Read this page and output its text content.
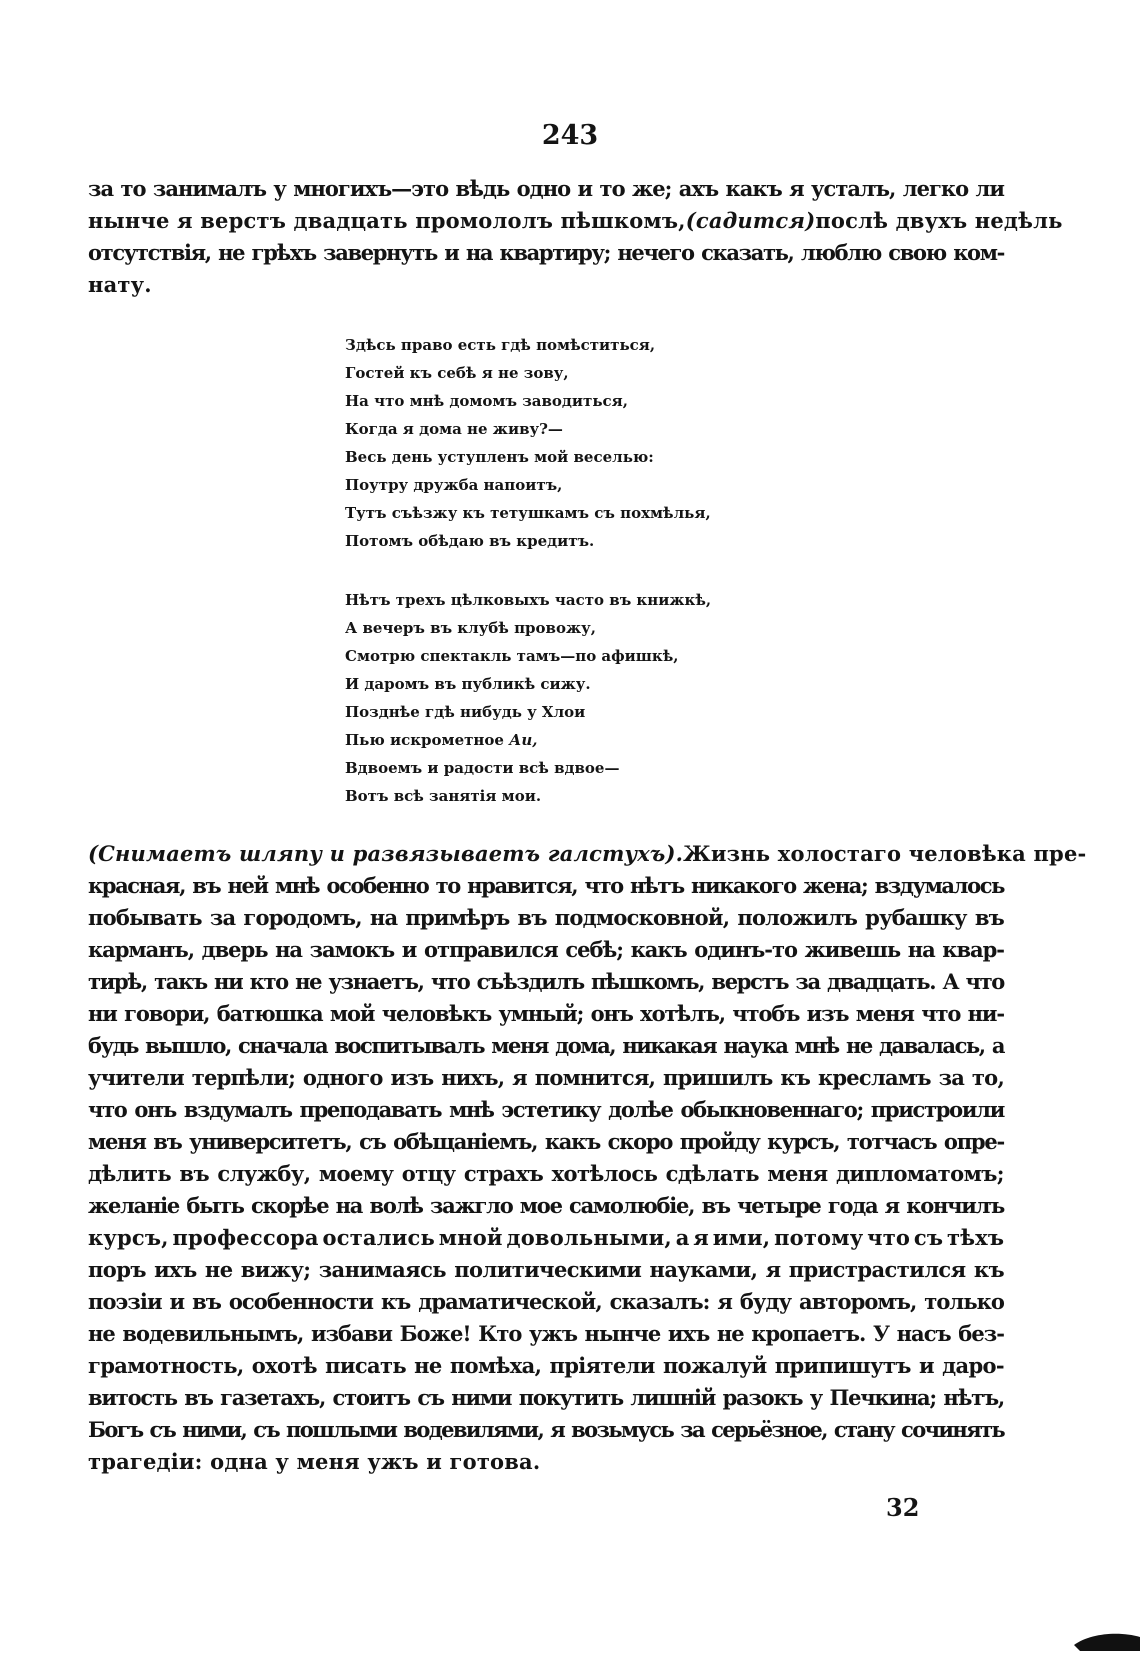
243

за то занималъ у многихъ—это вѣдь одно и то же; ахъ какъ я усталъ, легко ли
нынче я верстъ двадцать промололъ пѣшкомъ, (садится) послѣ двухъ недѣль
отсутствія, не грѣхъ завернуть и на квартиру; нечего сказать, люблю свою ком-
нату.
Здѣсь право есть гдѣ помѣститься,
Гостей къ себѣ я не зову,
На что мнѣ домомъ заводиться,
Когда я дома не живу?—
Весь день уступленъ мой веселью:
Поутру дружба напоитъ,
Тутъ съѣзжу къ тетушкамъ съ похмѣлья,
Потомъ обѣдаю въ кредитъ.
Нѣтъ трехъ цѣлковыхъ часто въ книжкѣ,
А вечеръ въ клубѣ провожу,
Смотрю спектакль тамъ—по афишкѣ,
И даромъ въ публикѣ сижу.
Позднѣе гдѣ нибудь у Хлои
Пью искрометное Аи,
Вдвоемъ и радости всѣ вдвое—
Вотъ всѣ занятія мои.
(Снимаетъ шляпу и развязываетъ галстухъ). Жизнь холостаго человѣка пре-
красная, въ ней мнѣ особенно то нравится, что нѣтъ никакого жена; вздумалось
побывать за городомъ, на примѣръ въ подмосковной, положилъ рубашку въ
карманъ, дверь на замокъ и отправился себѣ; какъ одинъ-то живешь на квар-
тирѣ, такъ ни кто не узнаетъ, что съѣздилъ пѣшкомъ, верстъ за двадцать. А что
ни говори, батюшка мой человѣкъ умный; онъ хотѣлъ, чтобъ изъ меня что ни-
будь вышло, сначала воспитывалъ меня дома, никакая наука мнѣ не давалась, а
учители терпѣли; одного изъ нихъ, я помнится, пришилъ къ кресламъ за то,
что онъ вздумалъ преподавать мнѣ эстетику долѣе обыкновеннаго; пристроили
меня въ университетъ, съ обѣщаніемъ, какъ скоро пройду курсъ, тотчасъ опре-
дѣлить въ службу, моему отцу страхъ хотѣлось сдѣлать меня дипломатомъ;
желаніе быть скорѣе на волѣ зажгло мое самолюбіе, въ четыре года я кончилъ
курсъ, профессора остались мной довольными, а я ими, потому что съ тѣхъ
поръ ихъ не вижу; занимаясь политическими науками, я пристрастился къ
поэзіи и въ особенности къ драматической, сказалъ: я буду авторомъ, только
не водевильнымъ, избави Боже! Кто ужъ нынче ихъ не кропаетъ. У насъ без-
грамотность, охотѣ писать не помѣха, пріятели пожалуй припишутъ и даро-
витость въ газетахъ, стоитъ съ ними покутить лишній разокъ у Печкина; нѣтъ,
Богъ съ ними, съ пошлыми водевилями, я возьмусь за серьёзное, стану сочинять
трагедіи: одна у меня ужъ и готова.

32
